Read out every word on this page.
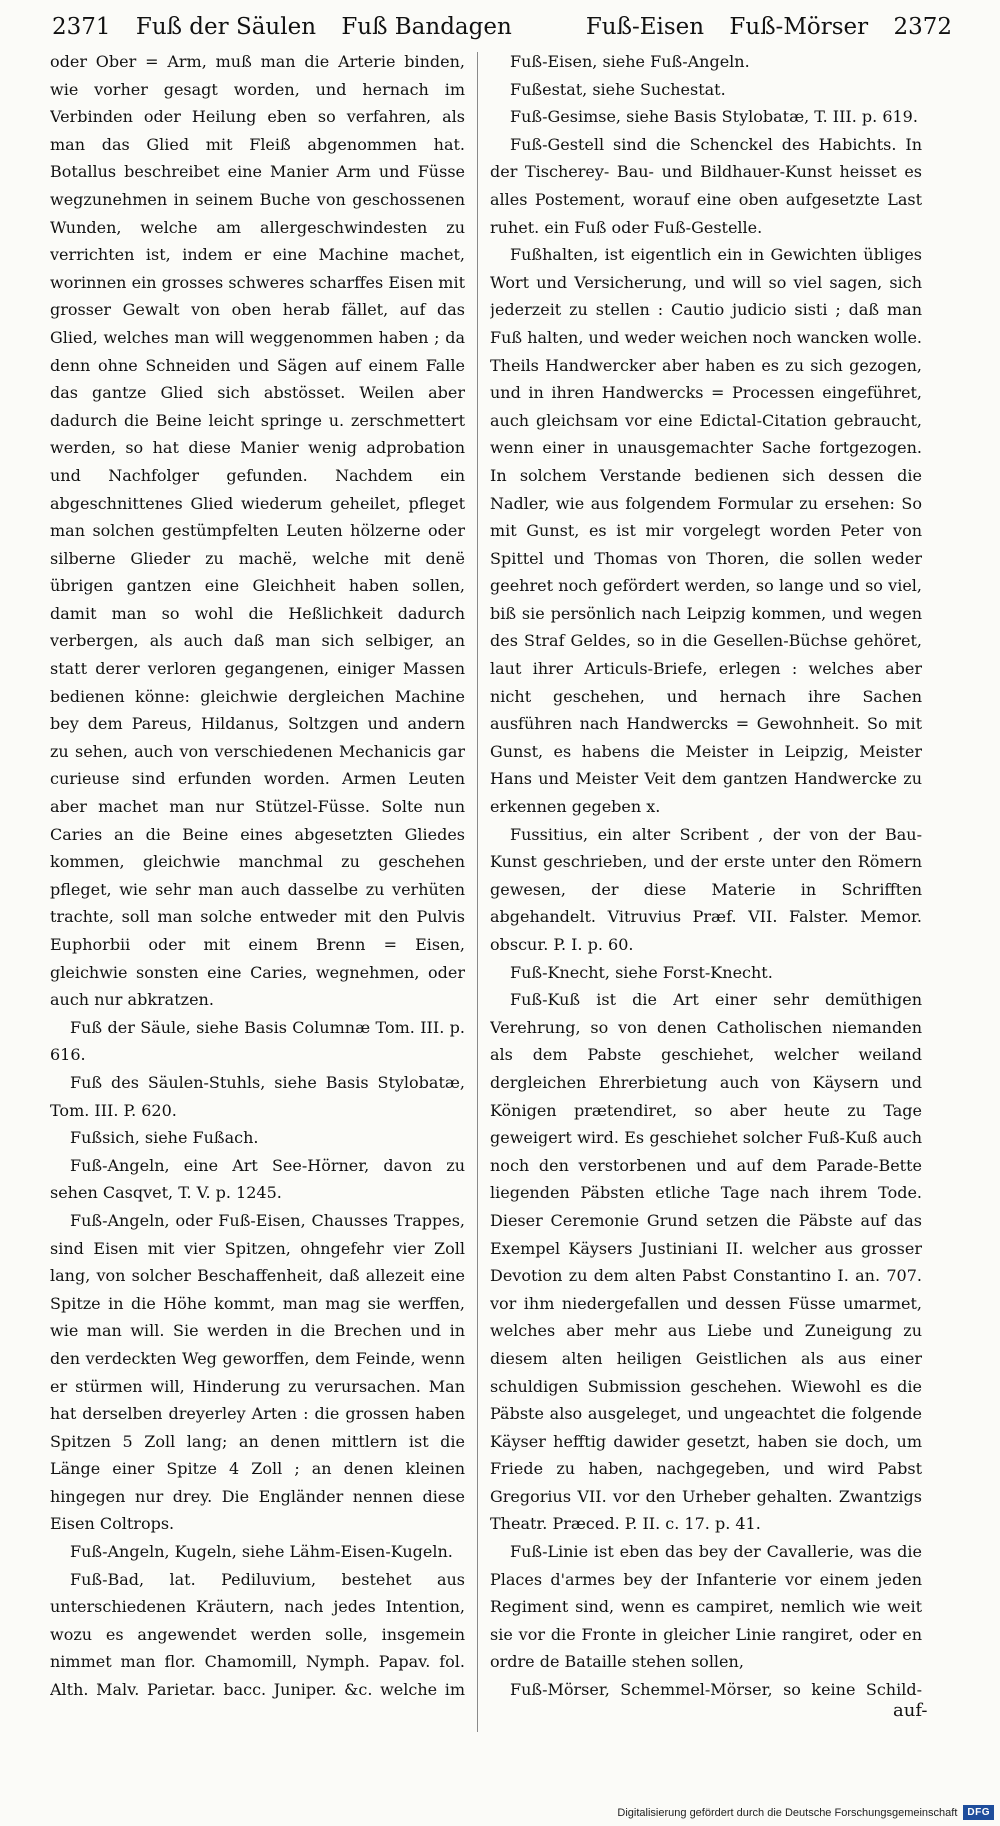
2371 Fuß der Säulen Fuß Bandagen	Fuß-Eisen Fuß-Mörser 2372

oder Ober = Arm, muß man die Arterie binden, wie vorher gesagt worden, und hernach im Verbinden oder Heilung eben so verfahren, als man das Glied mit Fleiß abgenommen hat. Botallus beschreibet eine Manier Arm und Füsse wegzunehmen in seinem Buche von geschossenen Wunden, welche am allergeschwindesten zu verrichten ist, indem er eine Machine machet, worinnen ein grosses schweres scharffes Eisen mit grosser Gewalt von oben herab fället, auf das Glied, welches man will weggenommen haben ; da denn ohne Schneiden und Sägen auf einem Falle das gantze Glied sich abstösset. Weilen aber dadurch die Beine leicht springe u. zerschmettert werden, so hat diese Manier wenig adprobation und Nachfolger gefunden. Nachdem ein abgeschnittenes Glied wiederum geheilet, pfleget man solchen gestümpfelten Leuten hölzerne oder silberne Glieder zu machë, welche mit denë übrigen gantzen eine Gleichheit haben sollen, damit man so wohl die Heßlichkeit dadurch verbergen, als auch daß man sich selbiger, an statt derer verloren gegangenen, einiger Massen bedienen könne: gleichwie dergleichen Machine bey dem Pareus, Hildanus, Soltzgen und andern zu sehen, auch von verschiedenen Mechanicis gar curieuse sind erfunden worden. Armen Leuten aber machet man nur Stützel-Füsse. Solte nun Caries an die Beine eines abgesetzten Gliedes kommen, gleichwie manchmal zu geschehen pfleget, wie sehr man auch dasselbe zu verhüten trachte, soll man solche entweder mit den Pulvis Euphorbii oder mit einem Brenn = Eisen, gleichwie sonsten eine Caries, wegnehmen, oder auch nur abkratzen.

Fuß der Säule, siehe Basis Columnæ Tom. III. p. 616.

Fuß des Säulen-Stuhls, siehe Basis Stylobatæ, Tom. III. P. 620.

Fußsich, siehe Fußach.

Fuß-Angeln, eine Art See-Hörner, davon zu sehen Casqvet, T. V. p. 1245.

Fuß-Angeln, oder Fuß-Eisen, Chausses Trappes, sind Eisen mit vier Spitzen, ohngefehr vier Zoll lang, von solcher Beschaffenheit, daß allezeit eine Spitze in die Höhe kommt, man mag sie werffen, wie man will. Sie werden in die Brechen und in den verdeckten Weg geworffen, dem Feinde, wenn er stürmen will, Hinderung zu verursachen. Man hat derselben dreyerley Arten : die grossen haben Spitzen 5 Zoll lang; an denen mittlern ist die Länge einer Spitze 4 Zoll ; an denen kleinen hingegen nur drey. Die Engländer nennen diese Eisen Coltrops.

Fuß-Angeln, Kugeln, siehe Lähm-Eisen-Kugeln.

Fuß-Bad, lat. Pediluvium, bestehet aus unterschiedenen Kräutern, nach jedes Intention, wozu es angewendet werden solle, insgemein nimmet man flor. Chamomill, Nymph. Papav. fol. Alth. Malv. Parietar. bacc. Juniper. &c. welche im

Fuß-Eisen, siehe Fuß-Angeln.

Fußestat, siehe Suchestat.

Fuß-Gesimse, siehe Basis Stylobatæ, T. III. p. 619.

Fuß-Gestell sind die Schenckel des Habichts. In der Tischerey- Bau- und Bildhauer-Kunst heisset es alles Postement, worauf eine oben aufgesetzte Last ruhet. ein Fuß oder Fuß-Gestelle.

Fußhalten, ist eigentlich ein in Gewichten übliges Wort und Versicherung, und will so viel sagen, sich jederzeit zu stellen : Cautio judicio sisti ; daß man Fuß halten, und weder weichen noch wancken wolle. Theils Handwercker aber haben es zu sich gezogen, und in ihren Handwercks = Processen eingeführet, auch gleichsam vor eine Edictal-Citation gebraucht, wenn einer in unausgemachter Sache fortgezogen. In solchem Verstande bedienen sich dessen die Nadler, wie aus folgendem Formular zu ersehen: So mit Gunst, es ist mir vorgelegt worden Peter von Spittel und Thomas von Thoren, die sollen weder geehret noch gefördert werden, so lange und so viel, biß sie persönlich nach Leipzig kommen, und wegen des Straf Geldes, so in die Gesellen-Büchse gehöret, laut ihrer Articuls-Briefe, erlegen : welches aber nicht geschehen, und hernach ihre Sachen ausführen nach Handwercks = Gewohnheit. So mit Gunst, es habens die Meister in Leipzig, Meister Hans und Meister Veit dem gantzen Handwercke zu erkennen gegeben x.

Fussitius, ein alter Scribent , der von der Bau-Kunst geschrieben, und der erste unter den Römern gewesen, der diese Materie in Schrifften abgehandelt. Vitruvius Præf. VII. Falster. Memor. obscur. P. I. p. 60.

Fuß-Knecht, siehe Forst-Knecht.

Fuß-Kuß ist die Art einer sehr demüthigen Verehrung, so von denen Catholischen niemanden als dem Pabste geschiehet, welcher weiland dergleichen Ehrerbietung auch von Käysern und Königen prætendiret, so aber heute zu Tage geweigert wird. Es geschiehet solcher Fuß-Kuß auch noch den verstorbenen und auf dem Parade-Bette liegenden Päbsten etliche Tage nach ihrem Tode. Dieser Ceremonie Grund setzen die Päbste auf das Exempel Käysers Justiniani II. welcher aus grosser Devotion zu dem alten Pabst Constantino I. an. 707. vor ihm niedergefallen und dessen Füsse umarmet, welches aber mehr aus Liebe und Zuneigung zu diesem alten heiligen Geistlichen als aus einer schuldigen Submission geschehen. Wiewohl es die Päbste also ausgeleget, und ungeachtet die folgende Käyser hefftig dawider gesetzt, haben sie doch, um Friede zu haben, nachgegeben, und wird Pabst Gregorius VII. vor den Urheber gehalten. Zwantzigs Theatr. Præced. P. II. c. 17. p. 41.

Fuß-Linie ist eben das bey der Cavallerie, was die Places d'armes bey der Infanterie vor einem jeden Regiment sind, wenn es campiret, nemlich wie weit sie vor die Fronte in gleicher Linie rangiret, oder en ordre de Bataille stehen sollen,

Fuß-Mörser, Schemmel-Mörser, so keine Schild-

auf-
Digitalisierung gefördert durch die Deutsche Forschungsgemeinschaft	DFG
